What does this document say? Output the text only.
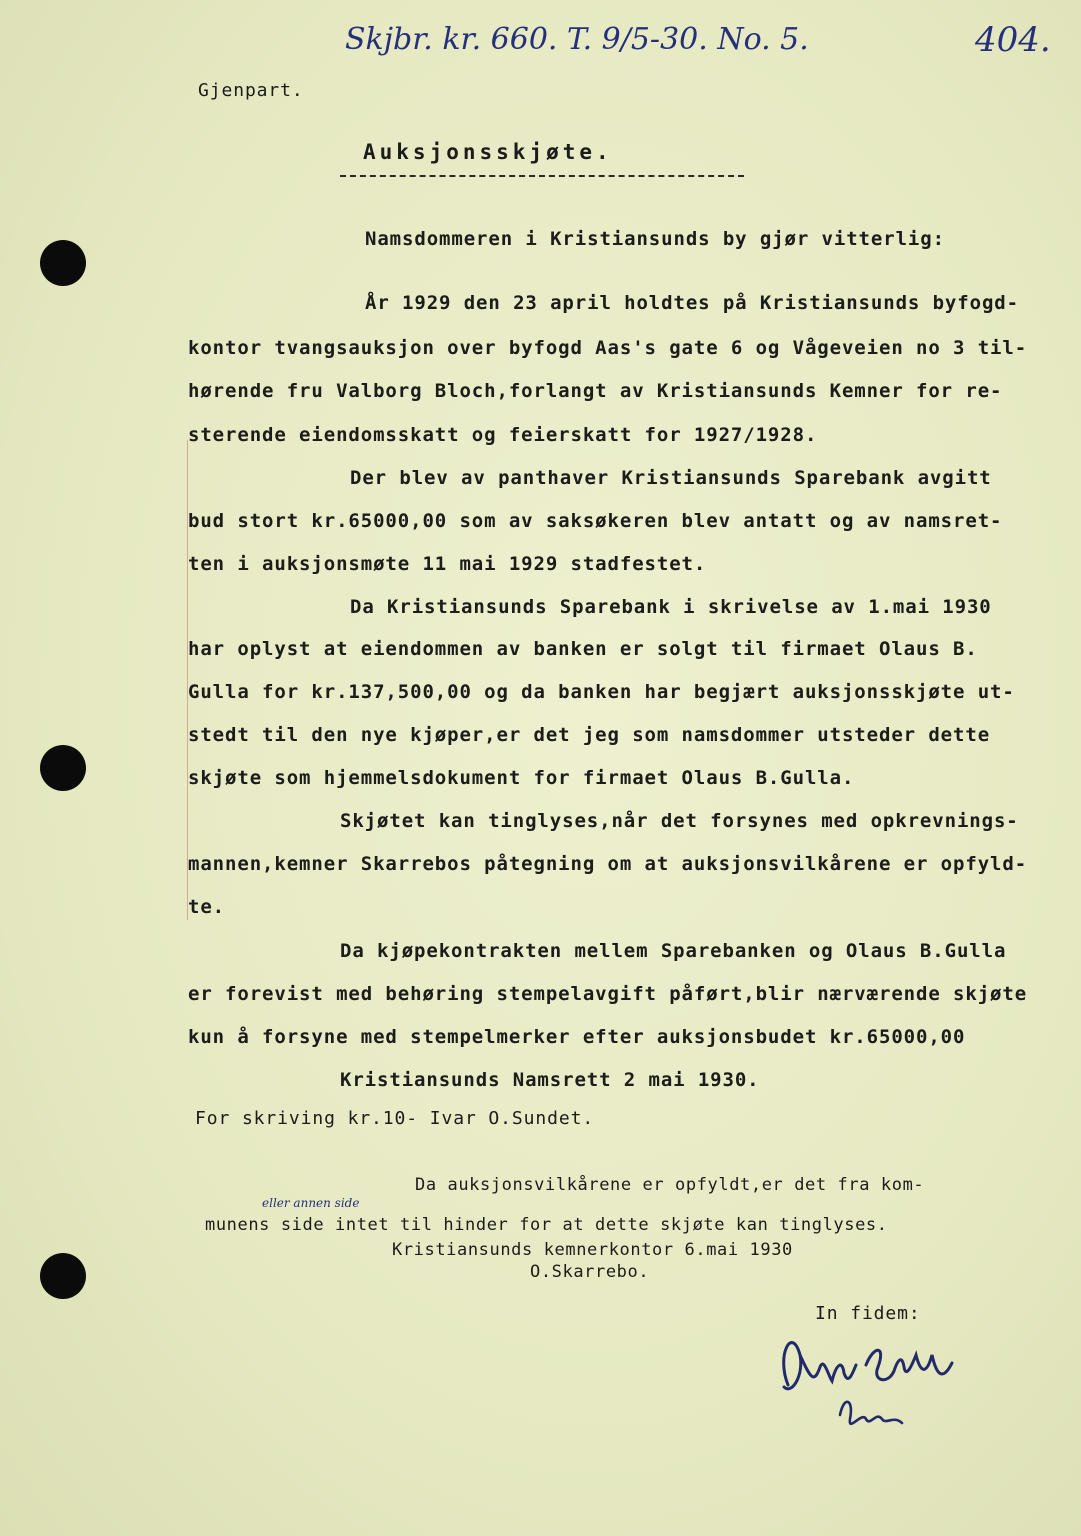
Skjbr. kr. 660. T. 9/5-30. No. 5.	404.
Gjenpart.
Auksjonsskjøte.
Namsdommeren i Kristiansunds by gjør vitterlig:
År 1929 den 23 april holdtes på Kristiansunds byfogd-
kontor tvangsauksjon over byfogd Aas's gate 6 og Vågeveien no 3 til-
hørende fru Valborg Bloch,forlangt av Kristiansunds Kemner for re-
sterende eiendomsskatt og feierskatt for 1927/1928.
Der blev av panthaver Kristiansunds Sparebank avgitt
bud stort kr.65000,00 som av saksøkeren blev antatt og av namsret-
ten i auksjonsmøte 11 mai 1929 stadfestet.
Da Kristiansunds Sparebank i skrivelse av 1.mai 1930
har oplyst at eiendommen av banken er solgt til firmaet Olaus B.
Gulla for kr.137,500,00 og da banken har begjært auksjonsskjøte ut-
stedt til den nye kjøper,er det jeg som namsdommer utsteder dette
skjøte som hjemmelsdokument for firmaet Olaus B.Gulla.
Skjøtet kan tinglyses,når det forsynes med opkrevnings-
mannen,kemner Skarrebos påtegning om at auksjonsvilkårene er opfyld-
te.
Da kjøpekontrakten mellem Sparebanken og Olaus B.Gulla
er forevist med behøring stempelavgift påført,blir nærværende skjøte
kun å forsyne med stempelmerker efter auksjonsbudet kr.65000,00
Kristiansunds Namsrett 2 mai 1930.
For skriving kr.10- Ivar O.Sundet.
Da auksjonsvilkårene er opfyldt,er det fra kom-
eller annen side
munens side intet til hinder for at dette skjøte kan tinglyses.
Kristiansunds kemnerkontor 6.mai 1930
O.Skarrebo.
In fidem:
